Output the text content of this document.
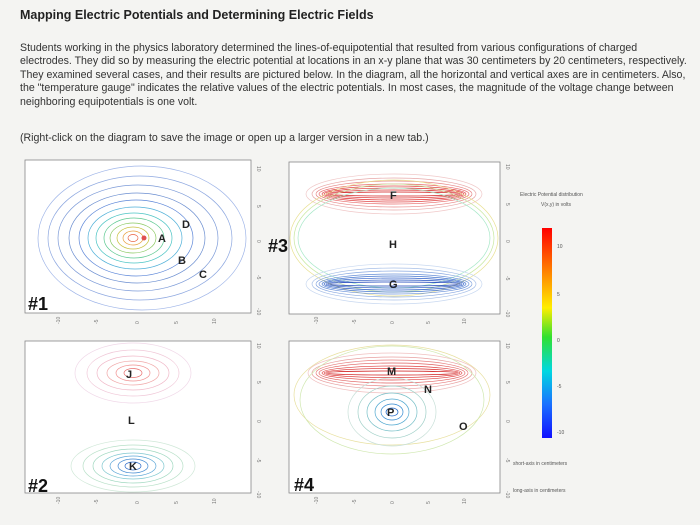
Mapping Electric Potentials and Determining Electric Fields
Students working in the physics laboratory determined the lines-of-equipotential that resulted from various configurations of charged electrodes. They did so by measuring the electric potential at locations in an x-y plane that was 30 centimeters by 20 centimeters, respectively. They examined several cases, and their results are pictured below. In the diagram, all the horizontal and vertical axes are in centimeters. Also, the "temperature gauge" indicates the relative values of the electric potentials. In most cases, the magnitude of the voltage change between neighboring equipotentials is one volt.
(Right-click on the diagram to save the image or open up a larger version in a new tab.)
A
B
C
D
#1
-10	-5	0	5	10
10
5
0
-5
-10
F
G
H
#3
-10	-5	0	5	10
10
5
0
-5
-10
J
K
L
#2
-10	-5	0	5	10
10
5
0
-5
-10
M
N
P
O
#4
-10	-5	0	5	10
10
5
0
-5
-10
Electric Potential distribution
V(x,y) in volts
10
5
0
-5
-10
short-axis in centimeters
long-axis in centimeters
